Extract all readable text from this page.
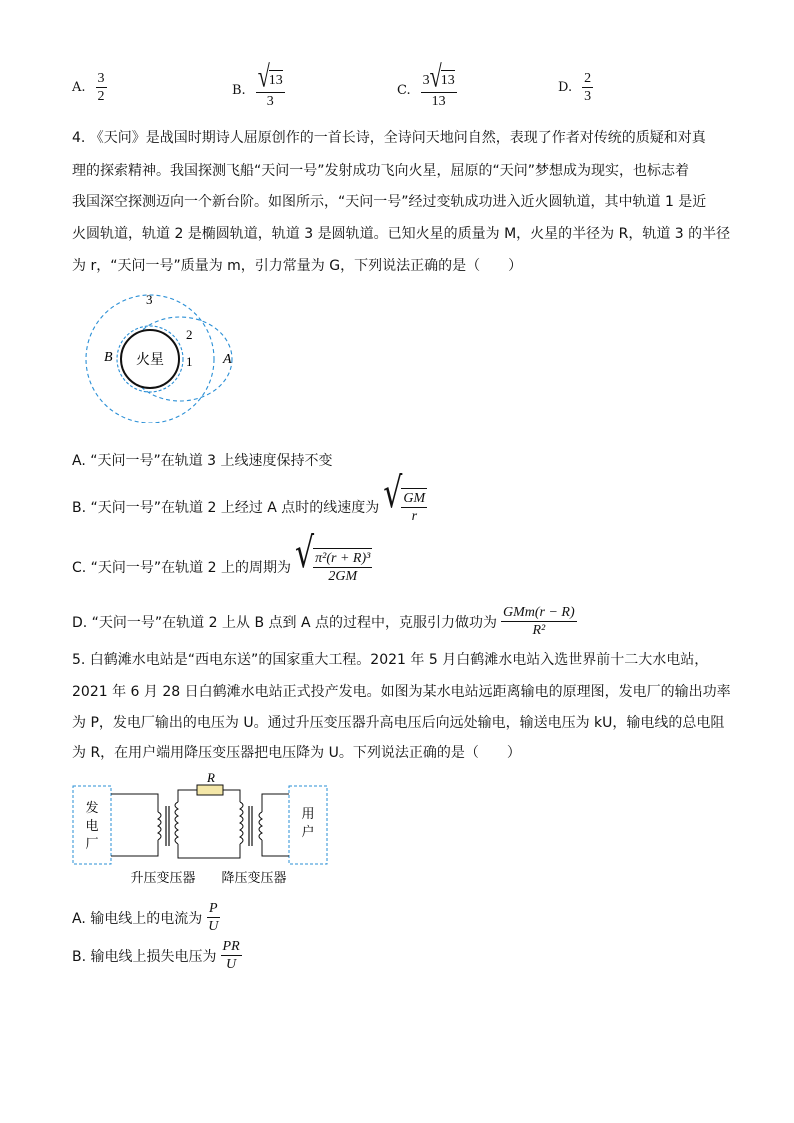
A. $\frac{3}{2}$	B. $\frac{√ 13}{3}$	C. $\frac{3 √ 13}{13}$	D. $\frac{2}{3}$
4. 《天问》是战国时期诗人屈原创作的一首长诗，全诗问天地问自然，表现了作者对传统的质疑和对真
理的探索精神。我国探测飞船“天问一号”发射成功飞向火星，屈原的“天问”梦想成为现实，也标志着
我国深空探测迈向一个新台阶。如图所示，“天问一号”经过变轨成功进入近火圆轨道，其中轨道 1 是近
火圆轨道，轨道 2 是椭圆轨道，轨道 3 是圆轨道。已知火星的质量为 M，火星的半径为 R，轨道 3 的半径
为 r，“天问一号”质量为 m，引力常量为 G，下列说法正确的是（　　）
火星
3
2
1 A
B
A. “天问一号”在轨道 3 上线速度保持不变
B. “天问一号”在轨道 2 上经过 A 点时的线速度为 √ $\frac{GM}{r}$
C. “天问一号”在轨道 2 上的周期为 √ $\frac{\text{π²(r + R)³}}{2GM}$
D. “天问一号”在轨道 2 上从 B 点到 A 点的过程中，克服引力做功为 $\frac{\text{GMm(r − R)}}{\text{R²}}$
5. 白鹤滩水电站是“西电东送”的国家重大工程。2021 年 5 月白鹤滩水电站入选世界前十二大水电站，
2021 年 6 月 28 日白鹤滩水电站正式投产发电。如图为某水电站远距离输电的原理图，发电厂的输出功率
为 P，发电厂输出的电压为 U。通过升压变压器升高电压后向远处输电，输送电压为 kU，输电线的总电阻
为 R，在用户端用降压变压器把电压降为 U。下列说法正确的是（　　）
发
电
厂
用
户
R
升压变压器 降压变压器
A. 输电线上的电流为 $\frac{P}{U}$
B. 输电线上损失电压为 $\frac{PR}{U}$
